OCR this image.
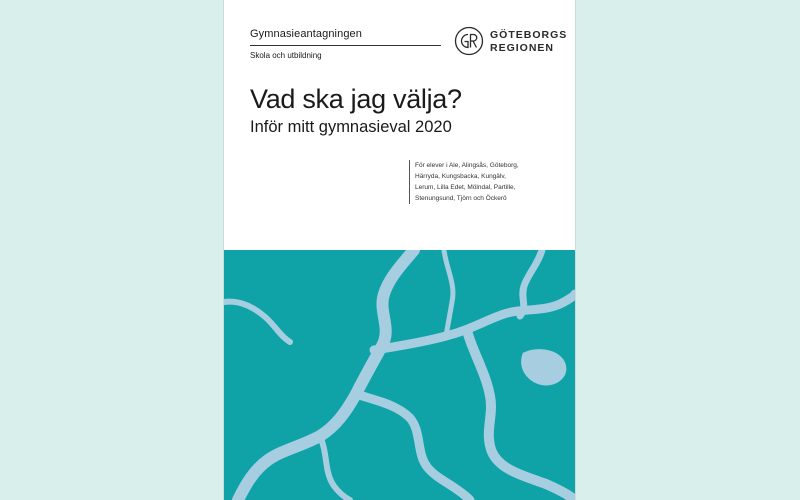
Gymnasieantagningen
Skola och utbildning
GÖTEBORGS
REGIONEN
Vad ska jag välja?
Inför mitt gymnasieval 2020
För elever i Ale, Alingsås, Göteborg,
Härryda, Kungsbacka, Kungälv,
Lerum, Lilla Edet, Mölndal, Partille,
Stenungsund, Tjörn och Öckerö
